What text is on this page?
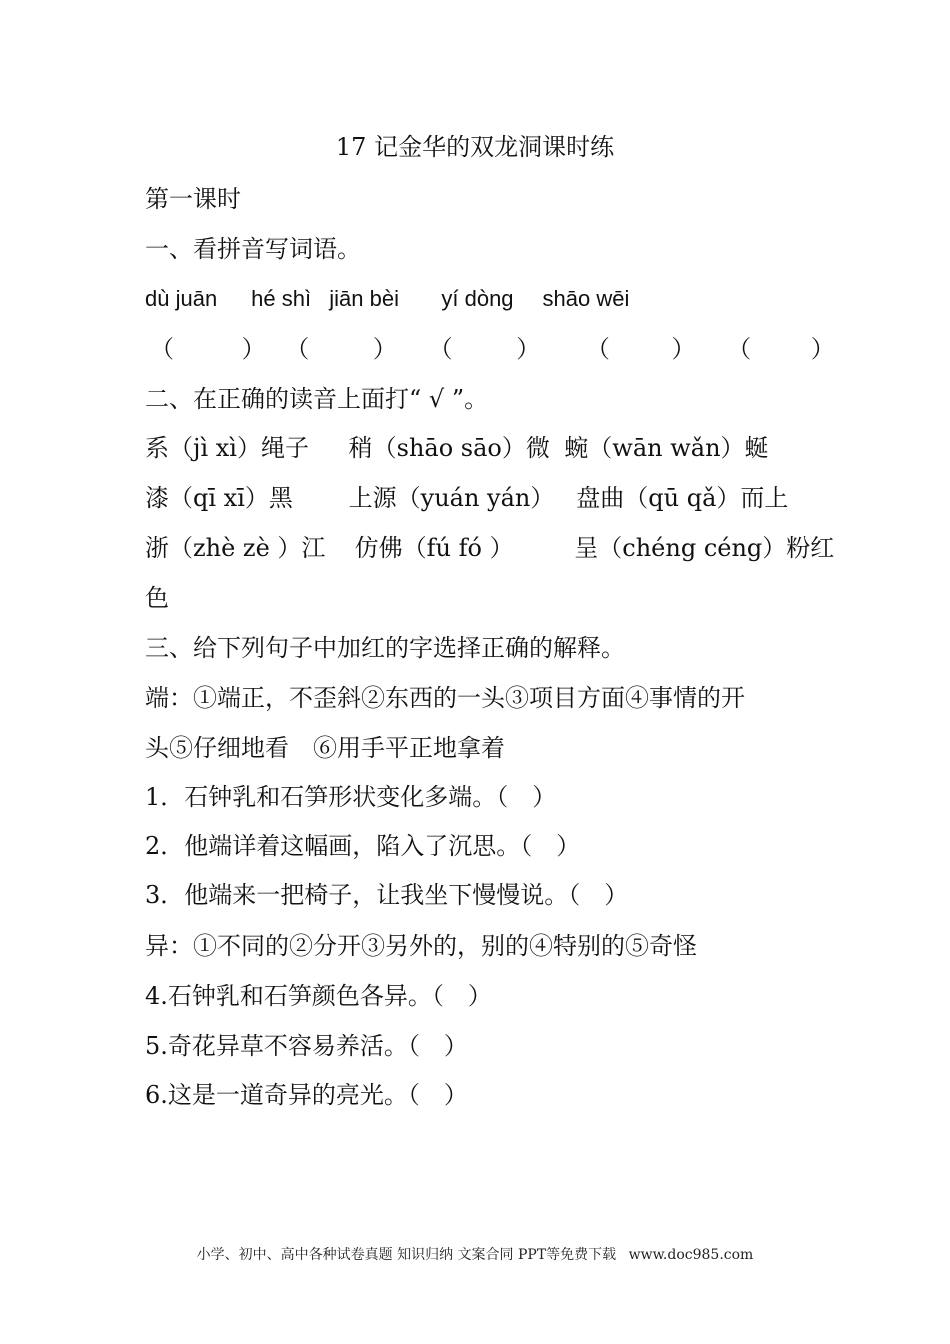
17 记金华的双龙洞课时练
第一课时
一、看拼音写词语。
dù juān hé shì jiān bèi yí dòng shāo wēi
（	） （	） （	） （	） （ ）
二、在正确的读音上面打“ √ ”。
系（jì xì）绳子 稍（shāo sāo）微 蜿（wān wǎn）蜒
漆（qī xī）黑 上源（yuán yán） 盘曲（qū qǎ）而上
浙（zhè zè ）江 仿佛（fú fó ）	呈（chéng céng）粉红
色
三、给下列句子中加红的字选择正确的解释。
端：①端正，不歪斜②东西的一头③项目方面④事情的开
头⑤仔细地看　⑥用手平正地拿着
1．石钟乳和石笋形状变化多端。（　）
2．他端详着这幅画，陷入了沉思。（　）
3．他端来一把椅子，让我坐下慢慢说。（　）
异：①不同的②分开③另外的，别的④特别的⑤奇怪
4.石钟乳和石笋颜色各异。（　）
5.奇花异草不容易养活。（　）
6.这是一道奇异的亮光。（　）
小学、初中、高中各种试卷真题 知识归纳 文案合同 PPT等免费下载 www.doc985.com
